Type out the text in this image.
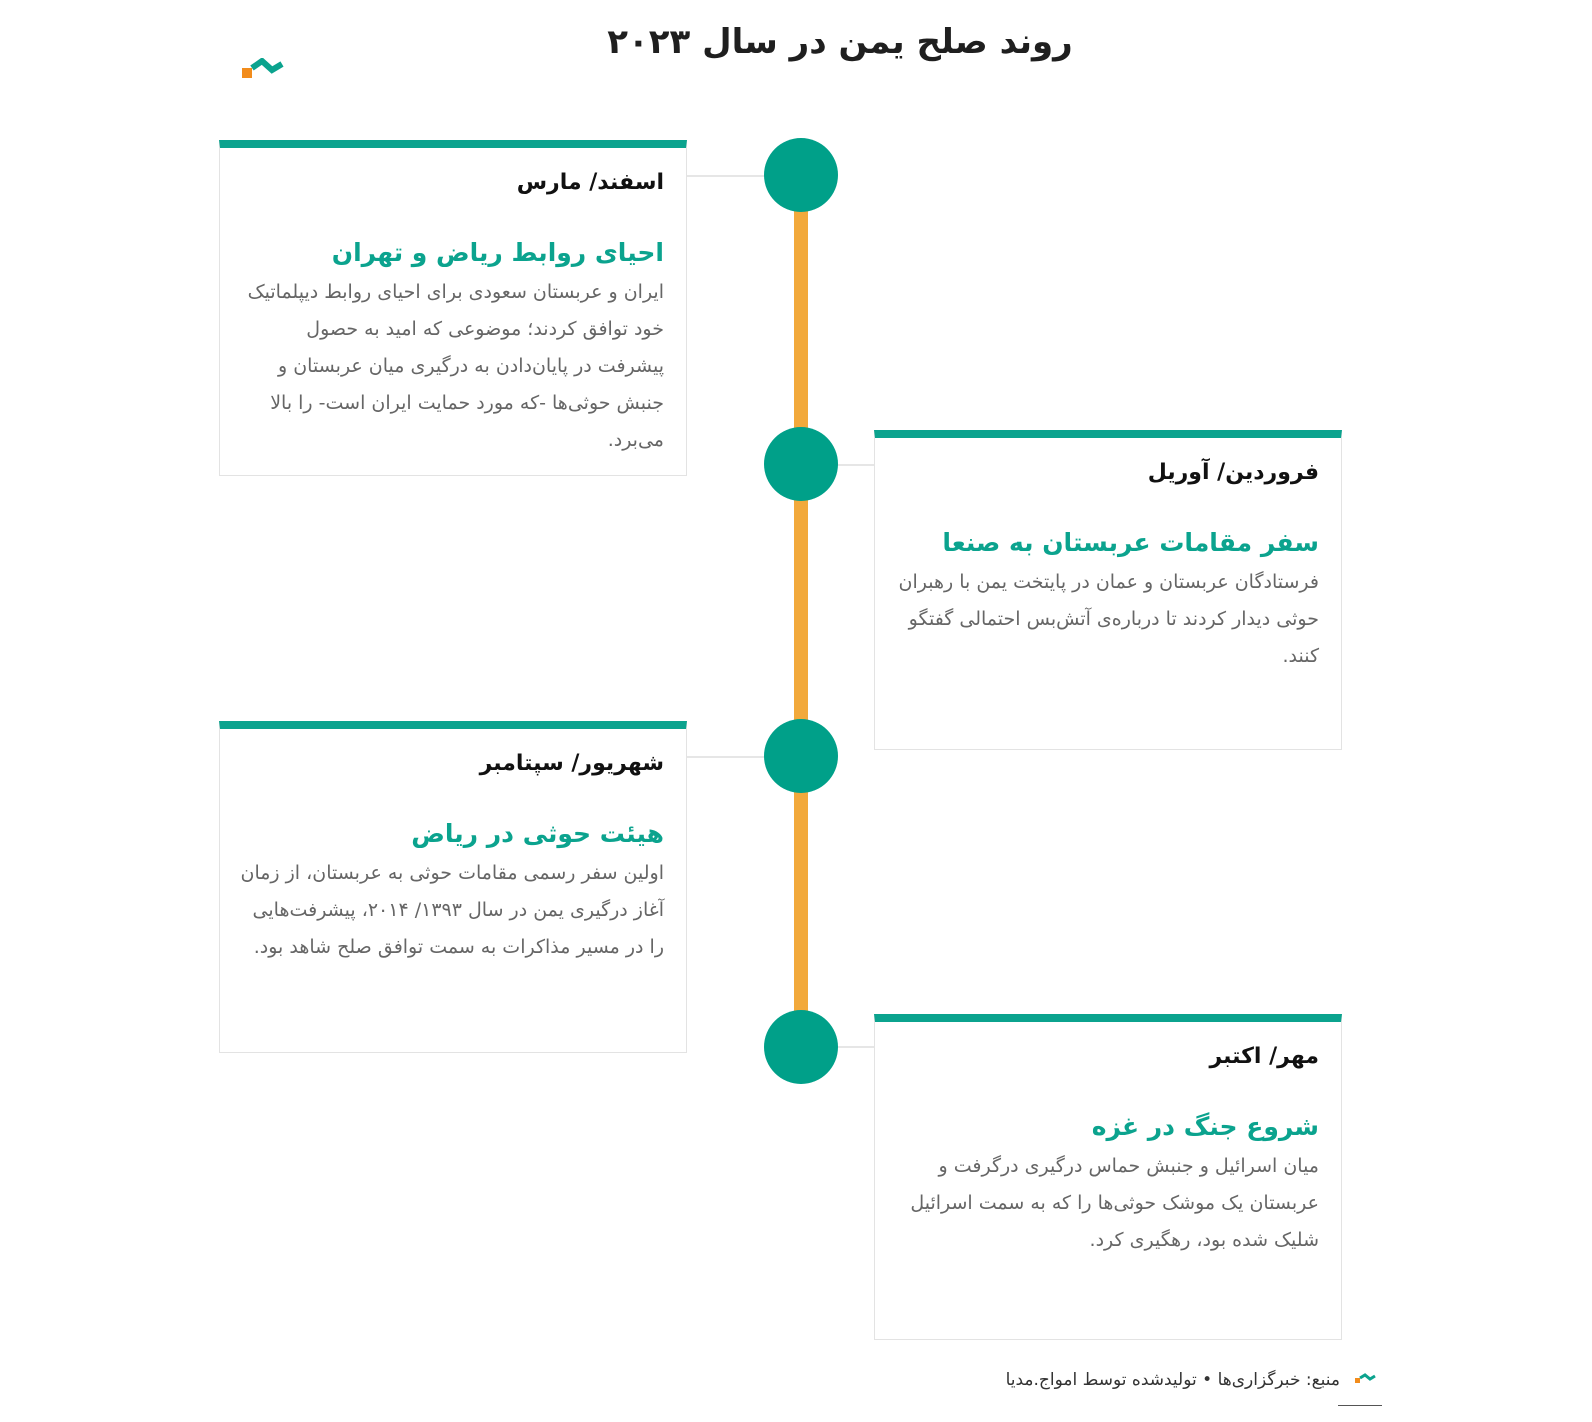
روند صلح یمن در سال ۲۰۲۳
اسفند/ مارس
احیای روابط ریاض و تهران
ایران و عربستان سعودی برای احیای روابط دیپلماتیک خود توافق کردند؛ موضوعی که امید به حصول پیشرفت در پایان‌دادن به درگیری میان عربستان و جنبش حوثی‌ها -که مورد حمایت ایران است- را بالا می‌برد.
فروردین/ آوریل
سفر مقامات عربستان به صنعا
فرستادگان عربستان و عمان در پایتخت یمن با رهبران حوثی دیدار کردند تا درباره‌ی آتش‌بس احتمالی گفتگو کنند.
شهریور/ سپتامبر
هیئت حوثی در ریاض
اولین سفر رسمی مقامات حوثی به عربستان، از زمان آغاز درگیری یمن در سال ۱۳۹۳/ ۲۰۱۴، پیشرفت‌هایی را در مسیر مذاکرات به سمت توافق صلح شاهد بود.
مهر/ اکتبر
شروع جنگ در غزه
میان اسرائیل و جنبش حماس درگیری درگرفت و عربستان یک موشک حوثی‌ها را که به سمت اسرائیل شلیک شده بود، رهگیری کرد.
منبع: خبرگزاری‌ها • تولیدشده توسط امواج.مدیا
